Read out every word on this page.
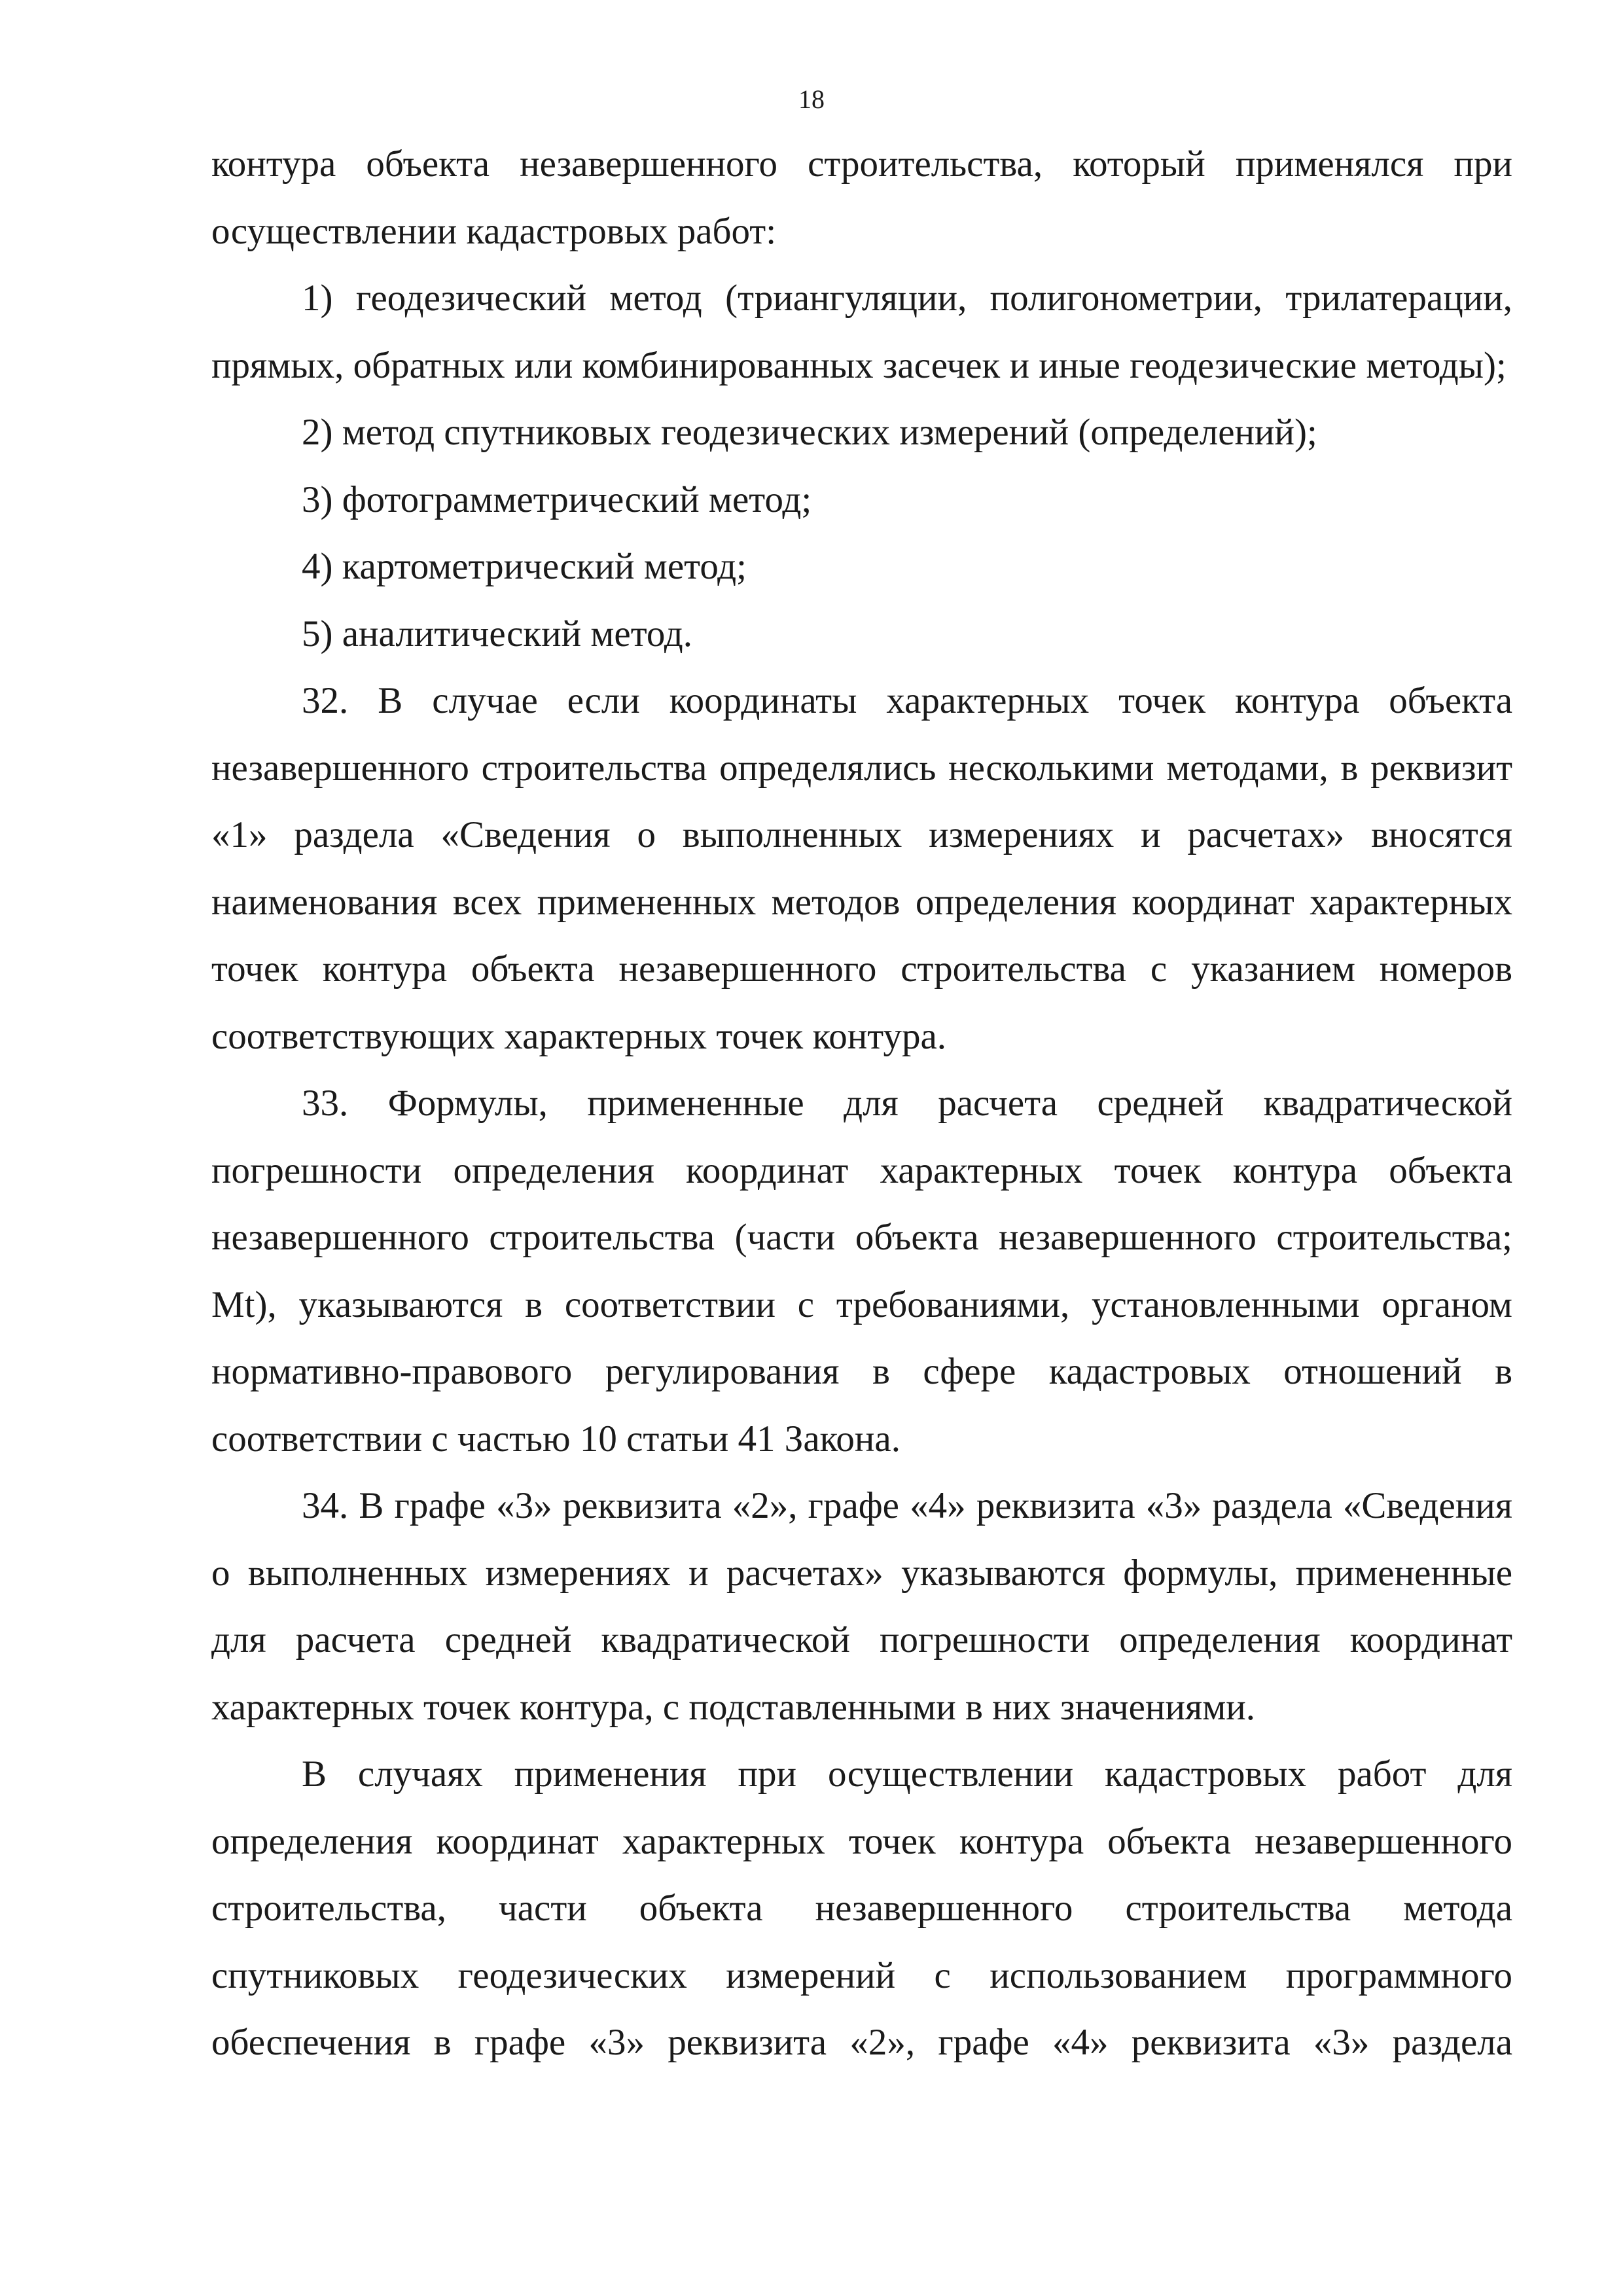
18

контура объекта незавершенного строительства, который применялся при осуществлении кадастровых работ:

1) геодезический метод (триангуляции, полигонометрии, трилатерации, прямых, обратных или комбинированных засечек и иные геодезические методы);

2) метод спутниковых геодезических измерений (определений);

3) фотограмметрический метод;

4) картометрический метод;

5) аналитический метод.

32. В случае если координаты характерных точек контура объекта незавершенного строительства определялись несколькими методами, в реквизит «1» раздела «Сведения о выполненных измерениях и расчетах» вносятся наименования всех примененных методов определения координат характерных точек контура объекта незавершенного строительства с указанием номеров соответствующих характерных точек контура.

33. Формулы, примененные для расчета средней квадратической погрешности определения координат характерных точек контура объекта незавершенного строительства (части объекта незавершенного строительства; Mt), указываются в соответствии с требованиями, установленными органом нормативно-правового регулирования в сфере кадастровых отношений в соответствии с частью 10 статьи 41 Закона.

34. В графе «3» реквизита «2», графе «4» реквизита «3» раздела «Сведения о выполненных измерениях и расчетах» указываются формулы, примененные для расчета средней квадратической погрешности определения координат характерных точек контура, с подставленными в них значениями.

В случаях применения при осуществлении кадастровых работ для определения координат характерных точек контура объекта незавершенного строительства, части объекта незавершенного строительства метода спутниковых геодезических измерений с использованием программного обеспечения в графе «3» реквизита «2», графе «4» реквизита «3» раздела
